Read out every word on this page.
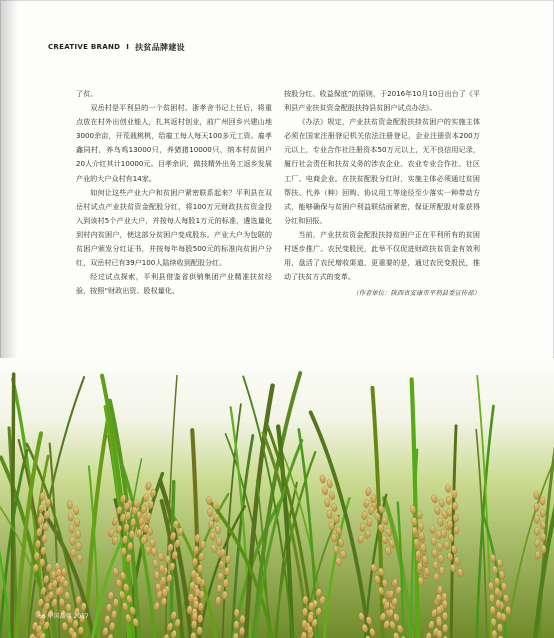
CREATIVE BRAND I 扶贫品牌建设

了贫。

双岳村是平利县的一个贫困村。浙孝舍书记上任后，将重点放在村外出创业能人，扎其返村创业，前广州回乡兴建山地3000余亩，开荒栽桃桃，给雇工每人每天100多元工资。雇孝鑫同村，养鸟鸡13000只，养猪猪10000只，纳本村贫困户20人介红其计10000元。目孝余识，做技精外出务工返乡发展产业的大户众村有14家。

如何让这些产业大户和贫困户紧密联系起来？平利县在双岳村试点产业扶贫资金配股分红，将100万元财政扶贫资金投入到该村5个产业大户，并按每人每股1万元的标准，遴选量化到村内贫困户，使这部分贫困户变成股东。产业大户为包联的贫困户颁发分红证书，并按每年每股500元的标准向贫困户分红，双岳村已有39户100人陆续收到配股分红。

经过试点探索，平利县借鉴省供销集团产业精准扶贫经验，按照“财政出资、股权量化、

按股分红、收益保底”的原则，于2016年10月10日出台了《平利县产业扶贫资金配股扶持县贫困户试点办法》。

《办法》规定，产业扶贫资金配股扶持贫困户的实施主体必须在国家注册登记机关依法注册登记，企业注册资本200万元以上，专业合作社注册资本50万元以上，无不良信用记录，履行社会责任和扶贫义务的涉农企业、农业专业合作社、社区工厂、电商企业。在扶贫配股分红时，实施主体必须通过贫困帮扶、代养（种）回购、协议用工等途径至少落实一种带动方式，能够确保与贫困户利益联结面紧密，保证所配股对象获得分红和回报。

当前，产业扶贫资金配股扶持贫困户正在平利所有的贫困村逐步推广。农民变股民，此举不仅促进财政扶贫资金有效利用，盘活了农民增收渠道，更重要的是，通过农民变股民，推动了扶贫方式的变革。

（作者单位：陕西省安康市平利县委宣传部）

66 中国品牌 2017
